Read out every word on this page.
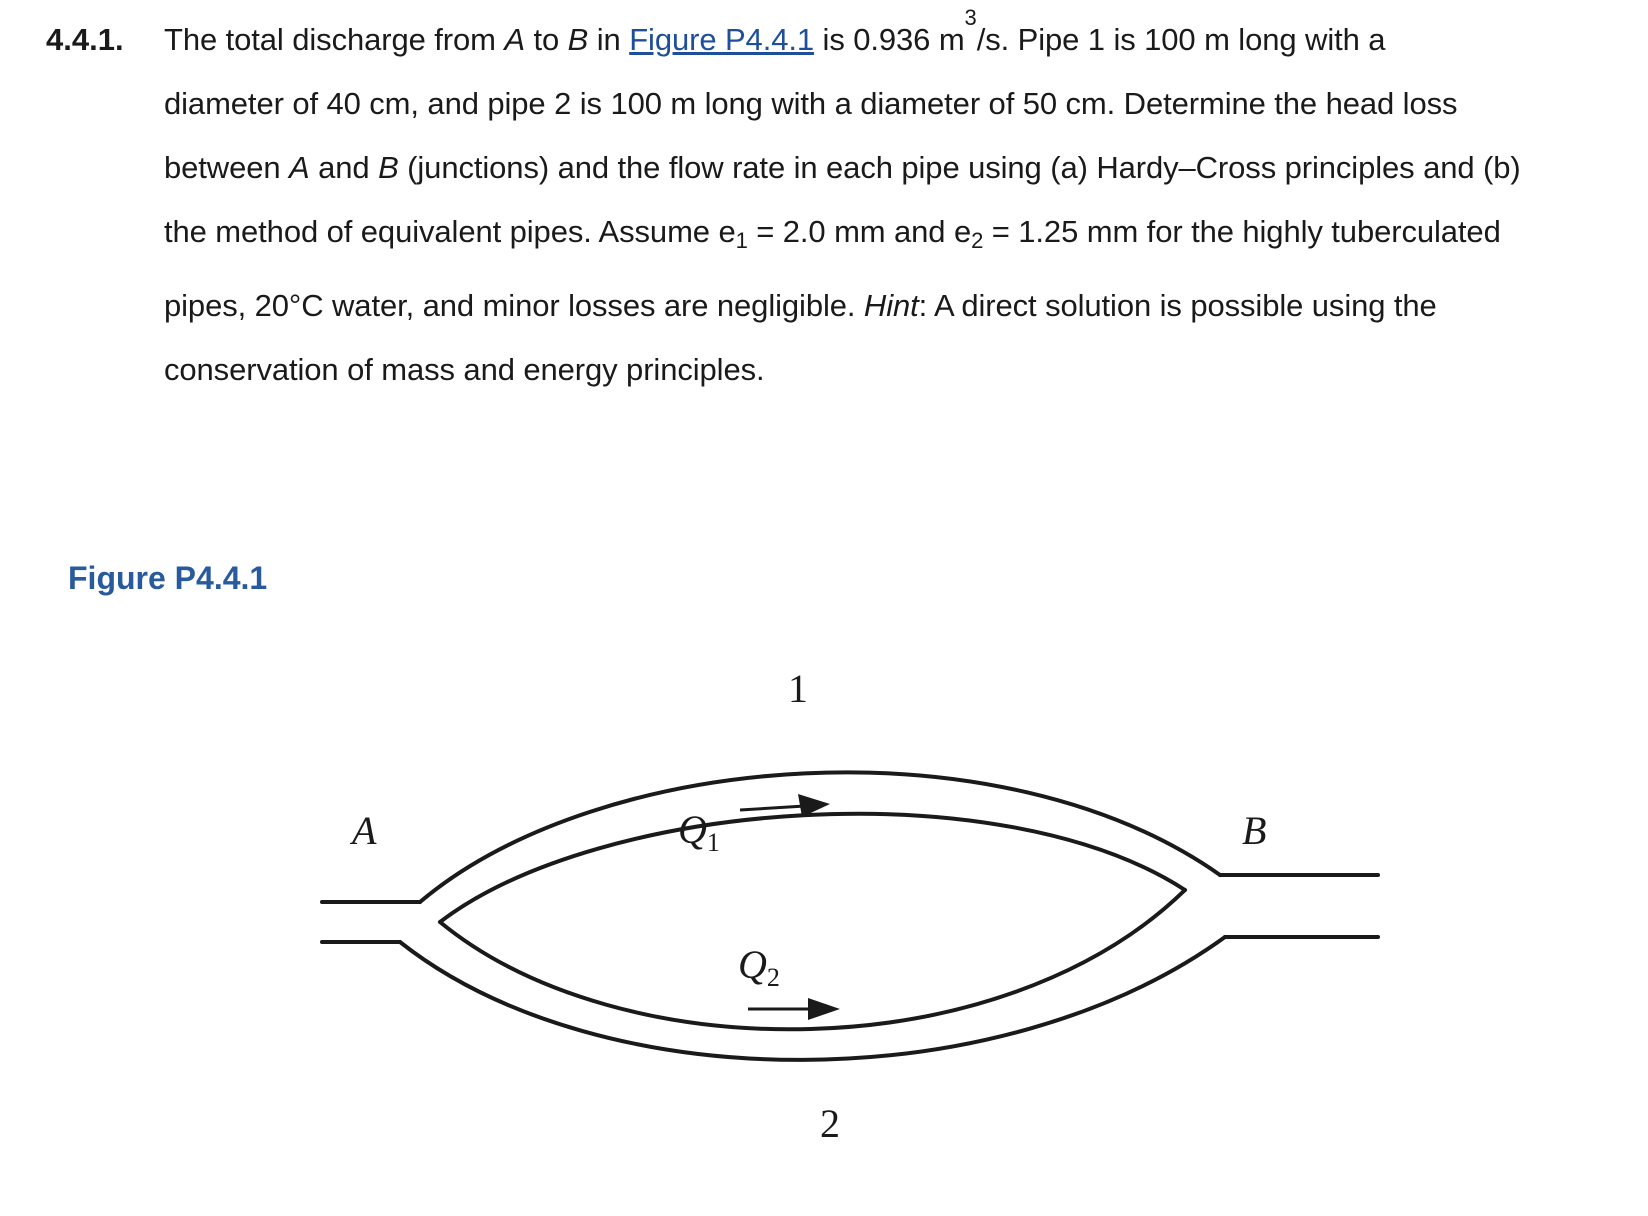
4.4.1. The total discharge from A to B in Figure P4.4.1 is 0.936 $m^3/s$. Pipe 1 is 100 m long with a
diameter of 40 cm, and pipe 2 is 100 m long with a diameter of 50 cm. Determine the head loss
between A and B (junctions) and the flow rate in each pipe using (a) Hardy–Cross principles and (b)
the method of equivalent pipes. Assume $e_1 = 2.0$ mm and $e_2 = 1.25$ mm for the highly tuberculated
pipes, 20°C water, and minor losses are negligible. Hint: A direct solution is possible using the
conservation of mass and energy principles.
Figure P4.4.1
1
2
A	B
$Q_1$
$Q_2$
